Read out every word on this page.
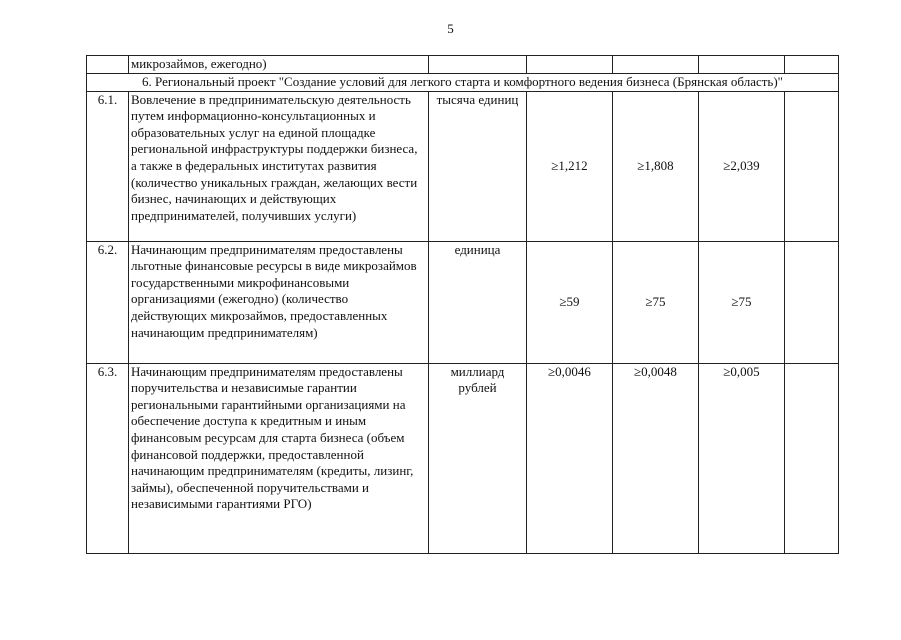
5
	микрозаймов, ежегодно)					
6. Региональный проект "Создание условий для легкого старта и комфортного ведения бизнеса (Брянская область)"						
6.1.	Вовлечение в предпринимательскую деятельность путем информационно-консультационных и образовательных услуг на единой площадке региональной инфраструктуры поддержки бизнеса, а также в федеральных институтах развития (количество уникальных граждан, желающих вести бизнес, начинающих и действующих предпринимателей, получивших услуги)	тысяча единиц	≥1,212	≥1,808	≥2,039	
6.2.	Начинающим предпринимателям предоставлены льготные финансовые ресурсы в виде микрозаймов государственными микрофинансовыми организациями (ежегодно) (количество действующих микрозаймов, предоставленных начинающим предпринимателям)	единица	≥59	≥75	≥75	
6.3.	Начинающим предпринимателям предоставлены поручительства и независимые гарантии региональными гарантийными организациями на обеспечение доступа к кредитным и иным финансовым ресурсам для старта бизнеса (объем финансовой поддержки, предоставленной начинающим предпринимателям (кредиты, лизинг, займы), обеспеченной поручительствами и независимыми гарантиями РГО)	миллиард рублей	≥0,0046	≥0,0048	≥0,005	
